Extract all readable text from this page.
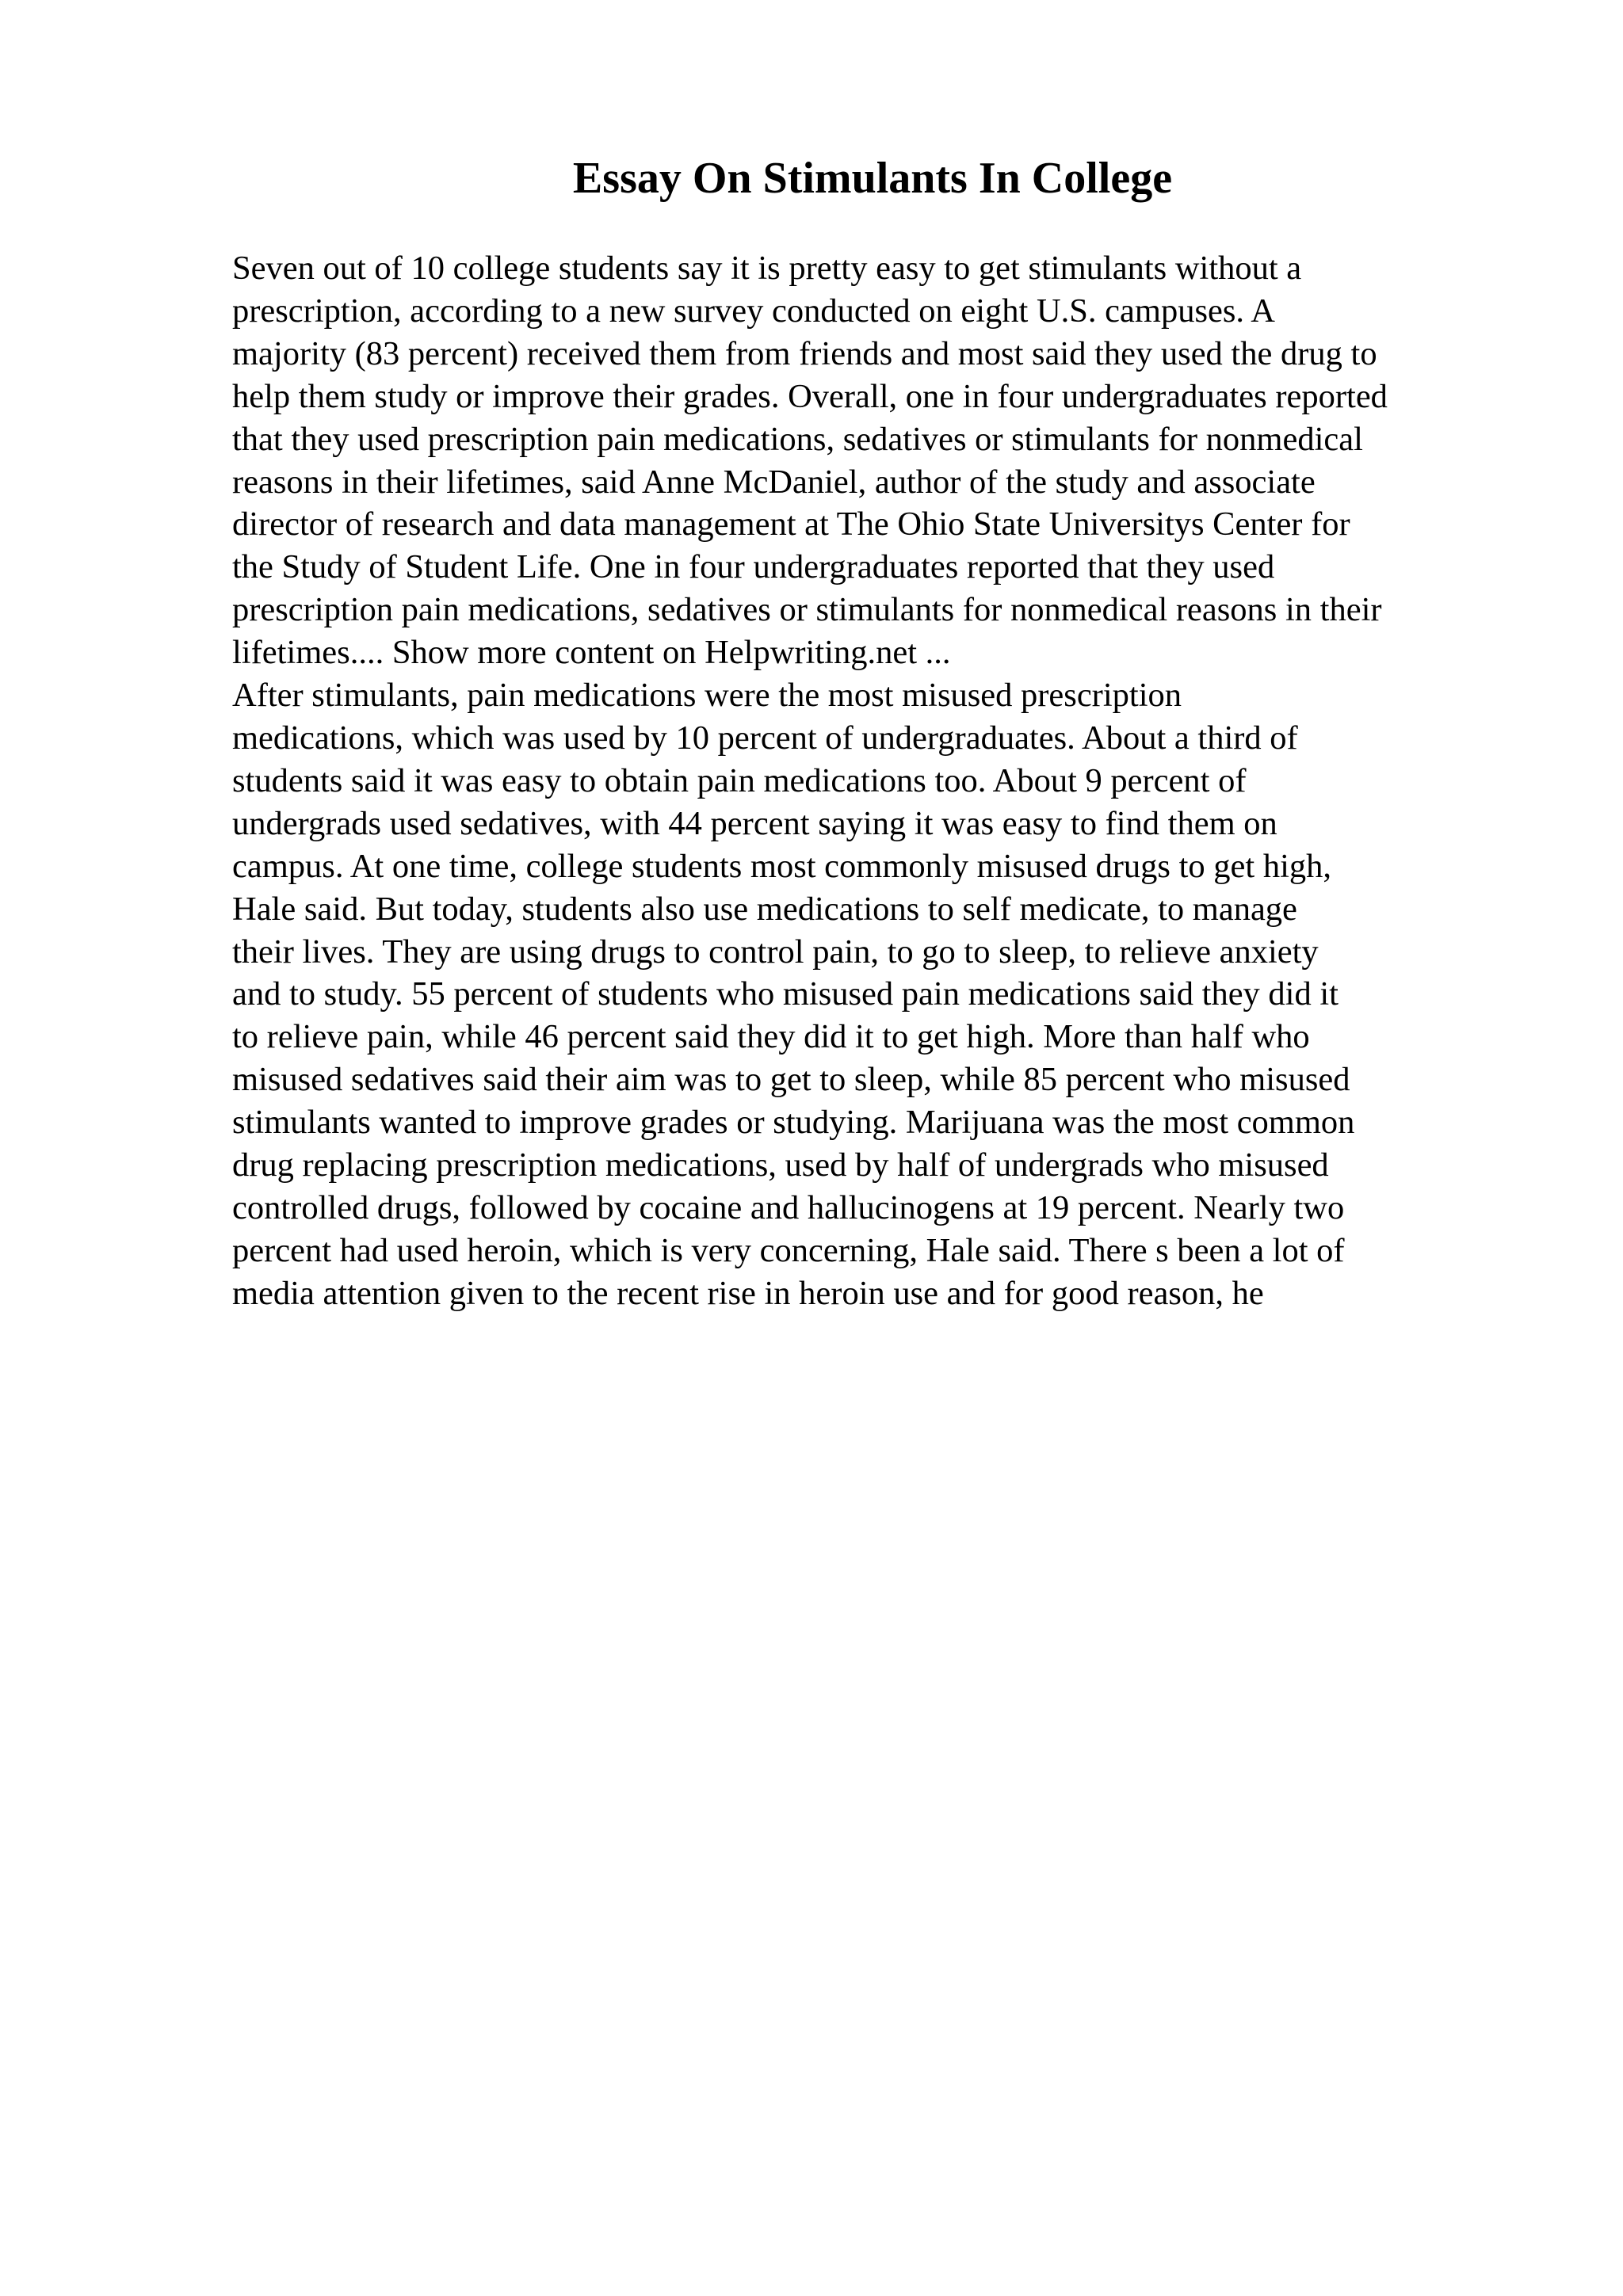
Essay On Stimulants In College
Seven out of 10 college students say it is pretty easy to get stimulants without a
prescription, according to a new survey conducted on eight U.S. campuses. A
majority (83 percent) received them from friends and most said they used the drug to
help them study or improve their grades. Overall, one in four undergraduates reported
that they used prescription pain medications, sedatives or stimulants for nonmedical
reasons in their lifetimes, said Anne McDaniel, author of the study and associate
director of research and data management at The Ohio State Universitys Center for
the Study of Student Life. One in four undergraduates reported that they used
prescription pain medications, sedatives or stimulants for nonmedical reasons in their
lifetimes.... Show more content on Helpwriting.net ...
After stimulants, pain medications were the most misused prescription
medications, which was used by 10 percent of undergraduates. About a third of
students said it was easy to obtain pain medications too. About 9 percent of
undergrads used sedatives, with 44 percent saying it was easy to find them on
campus. At one time, college students most commonly misused drugs to get high,
Hale said. But today, students also use medications to self medicate, to manage
their lives. They are using drugs to control pain, to go to sleep, to relieve anxiety
and to study. 55 percent of students who misused pain medications said they did it
to relieve pain, while 46 percent said they did it to get high. More than half who
misused sedatives said their aim was to get to sleep, while 85 percent who misused
stimulants wanted to improve grades or studying. Marijuana was the most common
drug replacing prescription medications, used by half of undergrads who misused
controlled drugs, followed by cocaine and hallucinogens at 19 percent. Nearly two
percent had used heroin, which is very concerning, Hale said. There s been a lot of
media attention given to the recent rise in heroin use and for good reason, he
